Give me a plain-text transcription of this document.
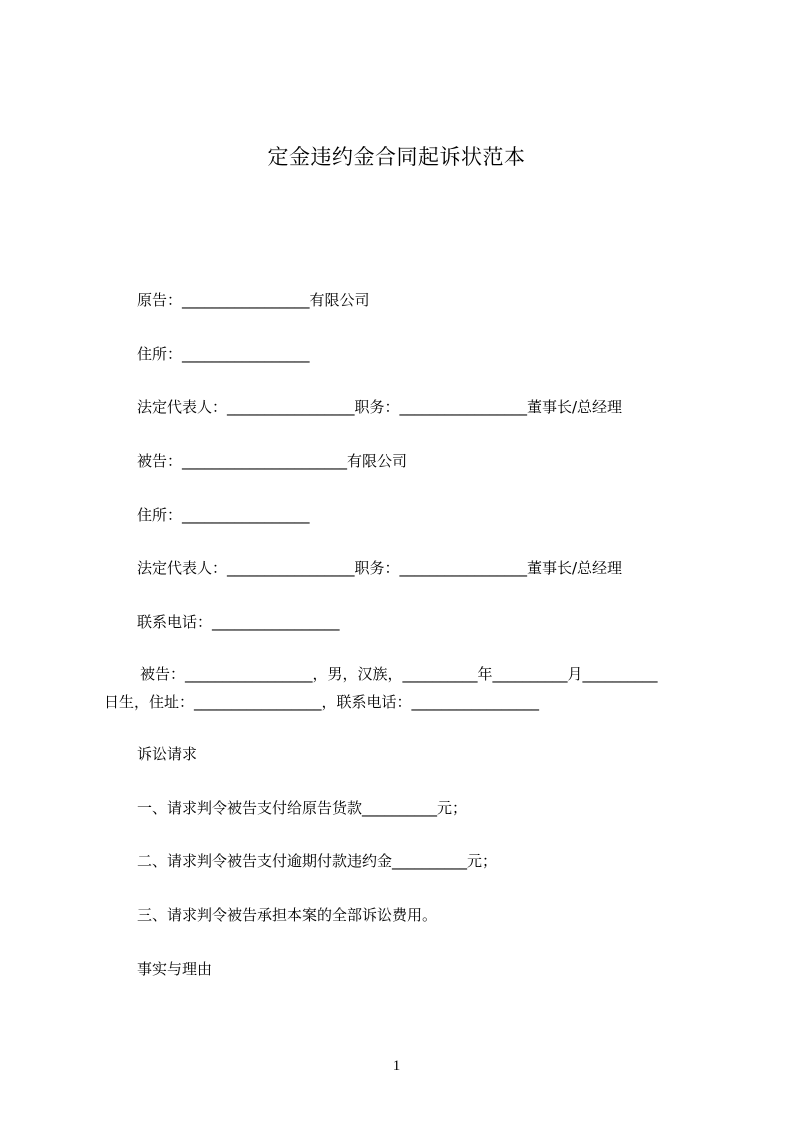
定金违约金合同起诉状范本
原告：_________________有限公司
住所：_________________
法定代表人：_________________职务：_________________董事长/总经理
被告：______________________有限公司
住所：_________________
法定代表人：_________________职务：_________________董事长/总经理
联系电话：_________________
被告：_________________，男，汉族，__________年__________月__________
日生，住址：_________________，联系电话：_________________
诉讼请求
一、请求判令被告支付给原告货款__________元；
二、请求判令被告支付逾期付款违约金__________元；
三、请求判令被告承担本案的全部诉讼费用。
事实与理由
1
